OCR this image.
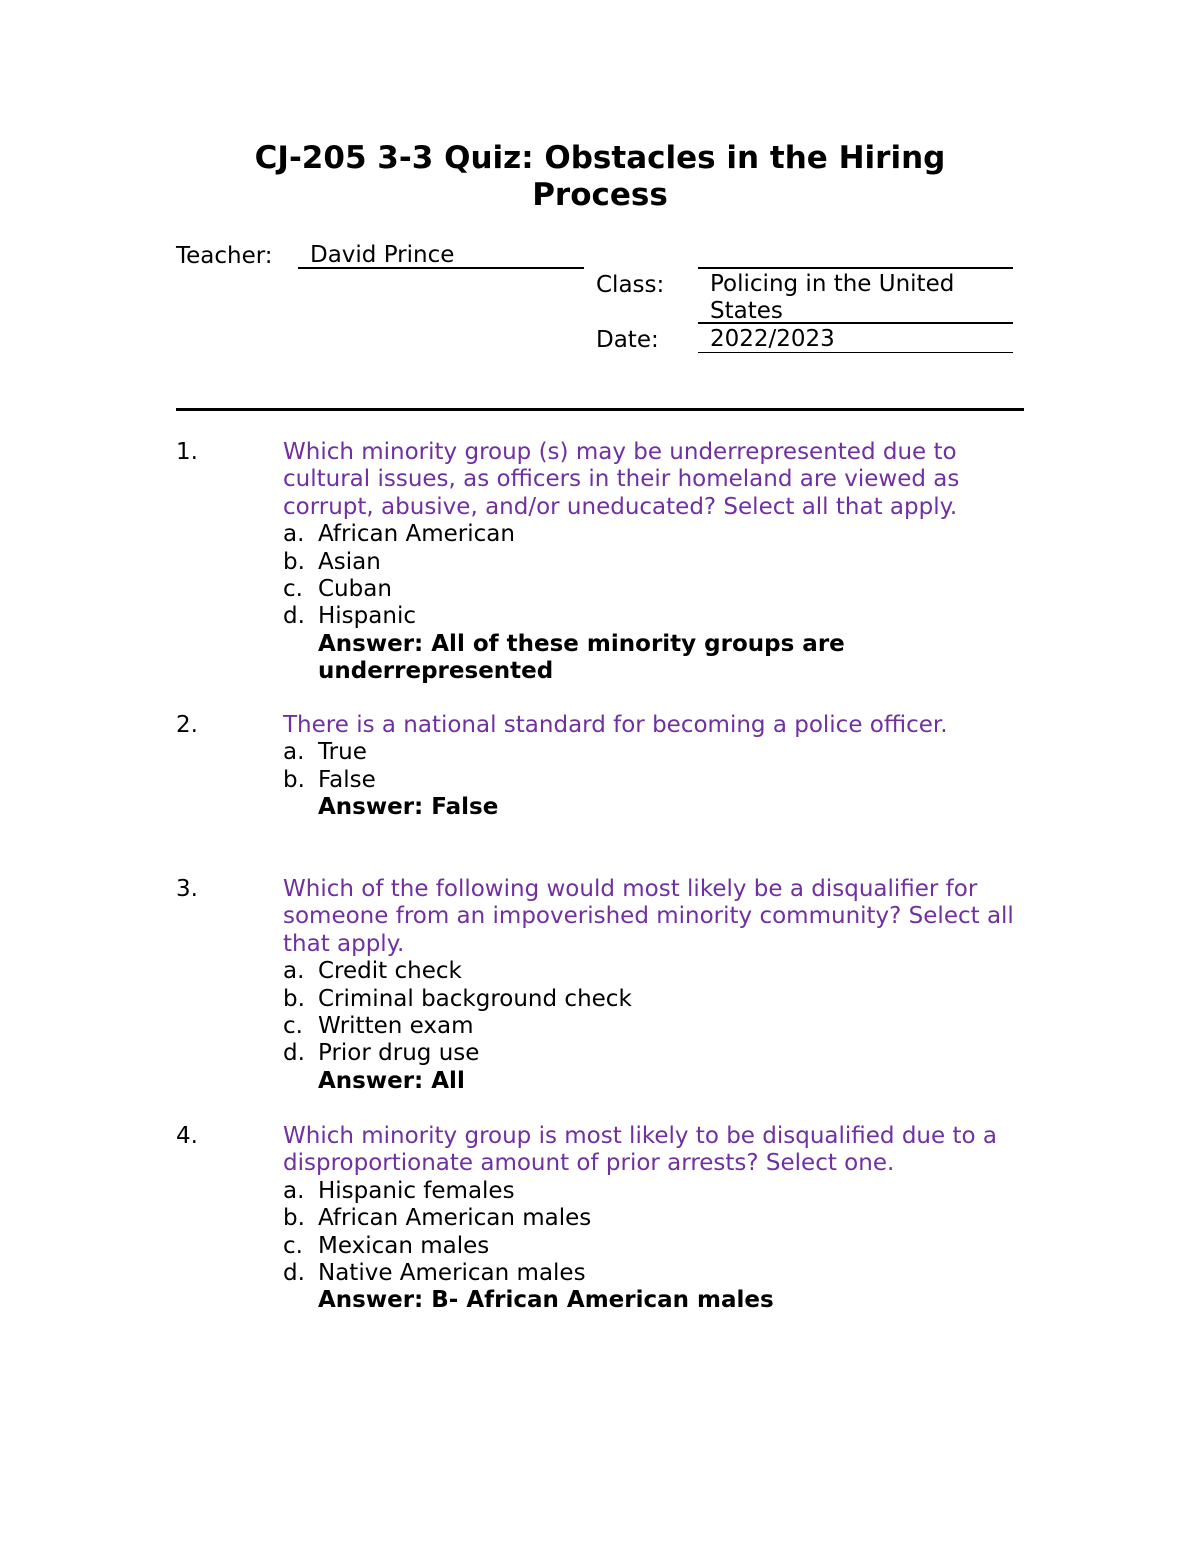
CJ-205 3-3 Quiz: Obstacles in the Hiring Process
Teacher: David Prince
Class: Policing in the United States
Date: 2022/2023
1.	Which minority group (s) may be underrepresented due to cultural issues, as officers in their homeland are viewed as corrupt, abusive, and/or uneducated? Select all that apply.
a. African American
b. Asian
c. Cuban
d. Hispanic
Answer: All of these minority groups are underrepresented
2.	There is a national standard for becoming a police officer.
a. True
b. False
Answer: False
3.	Which of the following would most likely be a disqualifier for someone from an impoverished minority community? Select all that apply.
a. Credit check
b. Criminal background check
c. Written exam
d. Prior drug use
Answer: All
4.	Which minority group is most likely to be disqualified due to a disproportionate amount of prior arrests? Select one.
a. Hispanic females
b. African American males
c. Mexican males
d. Native American males
Answer: B- African American males
